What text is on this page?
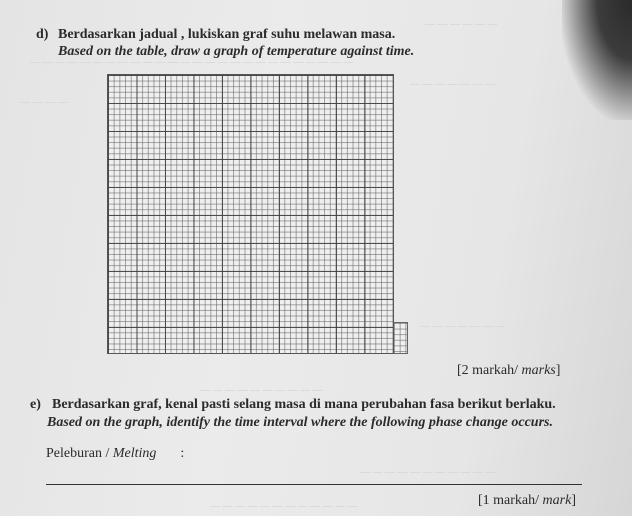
— — — — — —
— — — — — — — — — — — — — — — — — — — — — — — — — —
— — — —
— — — — — — —
— — — — — — —
— — — — — — — — — —
— — — — — — — — — — —
— — — — — — — — — — — —
d) Berdasarkan jadual , lukiskan graf suhu melawan masa.
Based on the table, draw a graph of temperature against time.
[2 markah/ marks]
e) Berdasarkan graf, kenal pasti selang masa di mana perubahan fasa berikut berlaku.
Based on the graph, identify the time interval where the following phase change occurs.
Peleburan / Melting :
[1 markah/ mark]
